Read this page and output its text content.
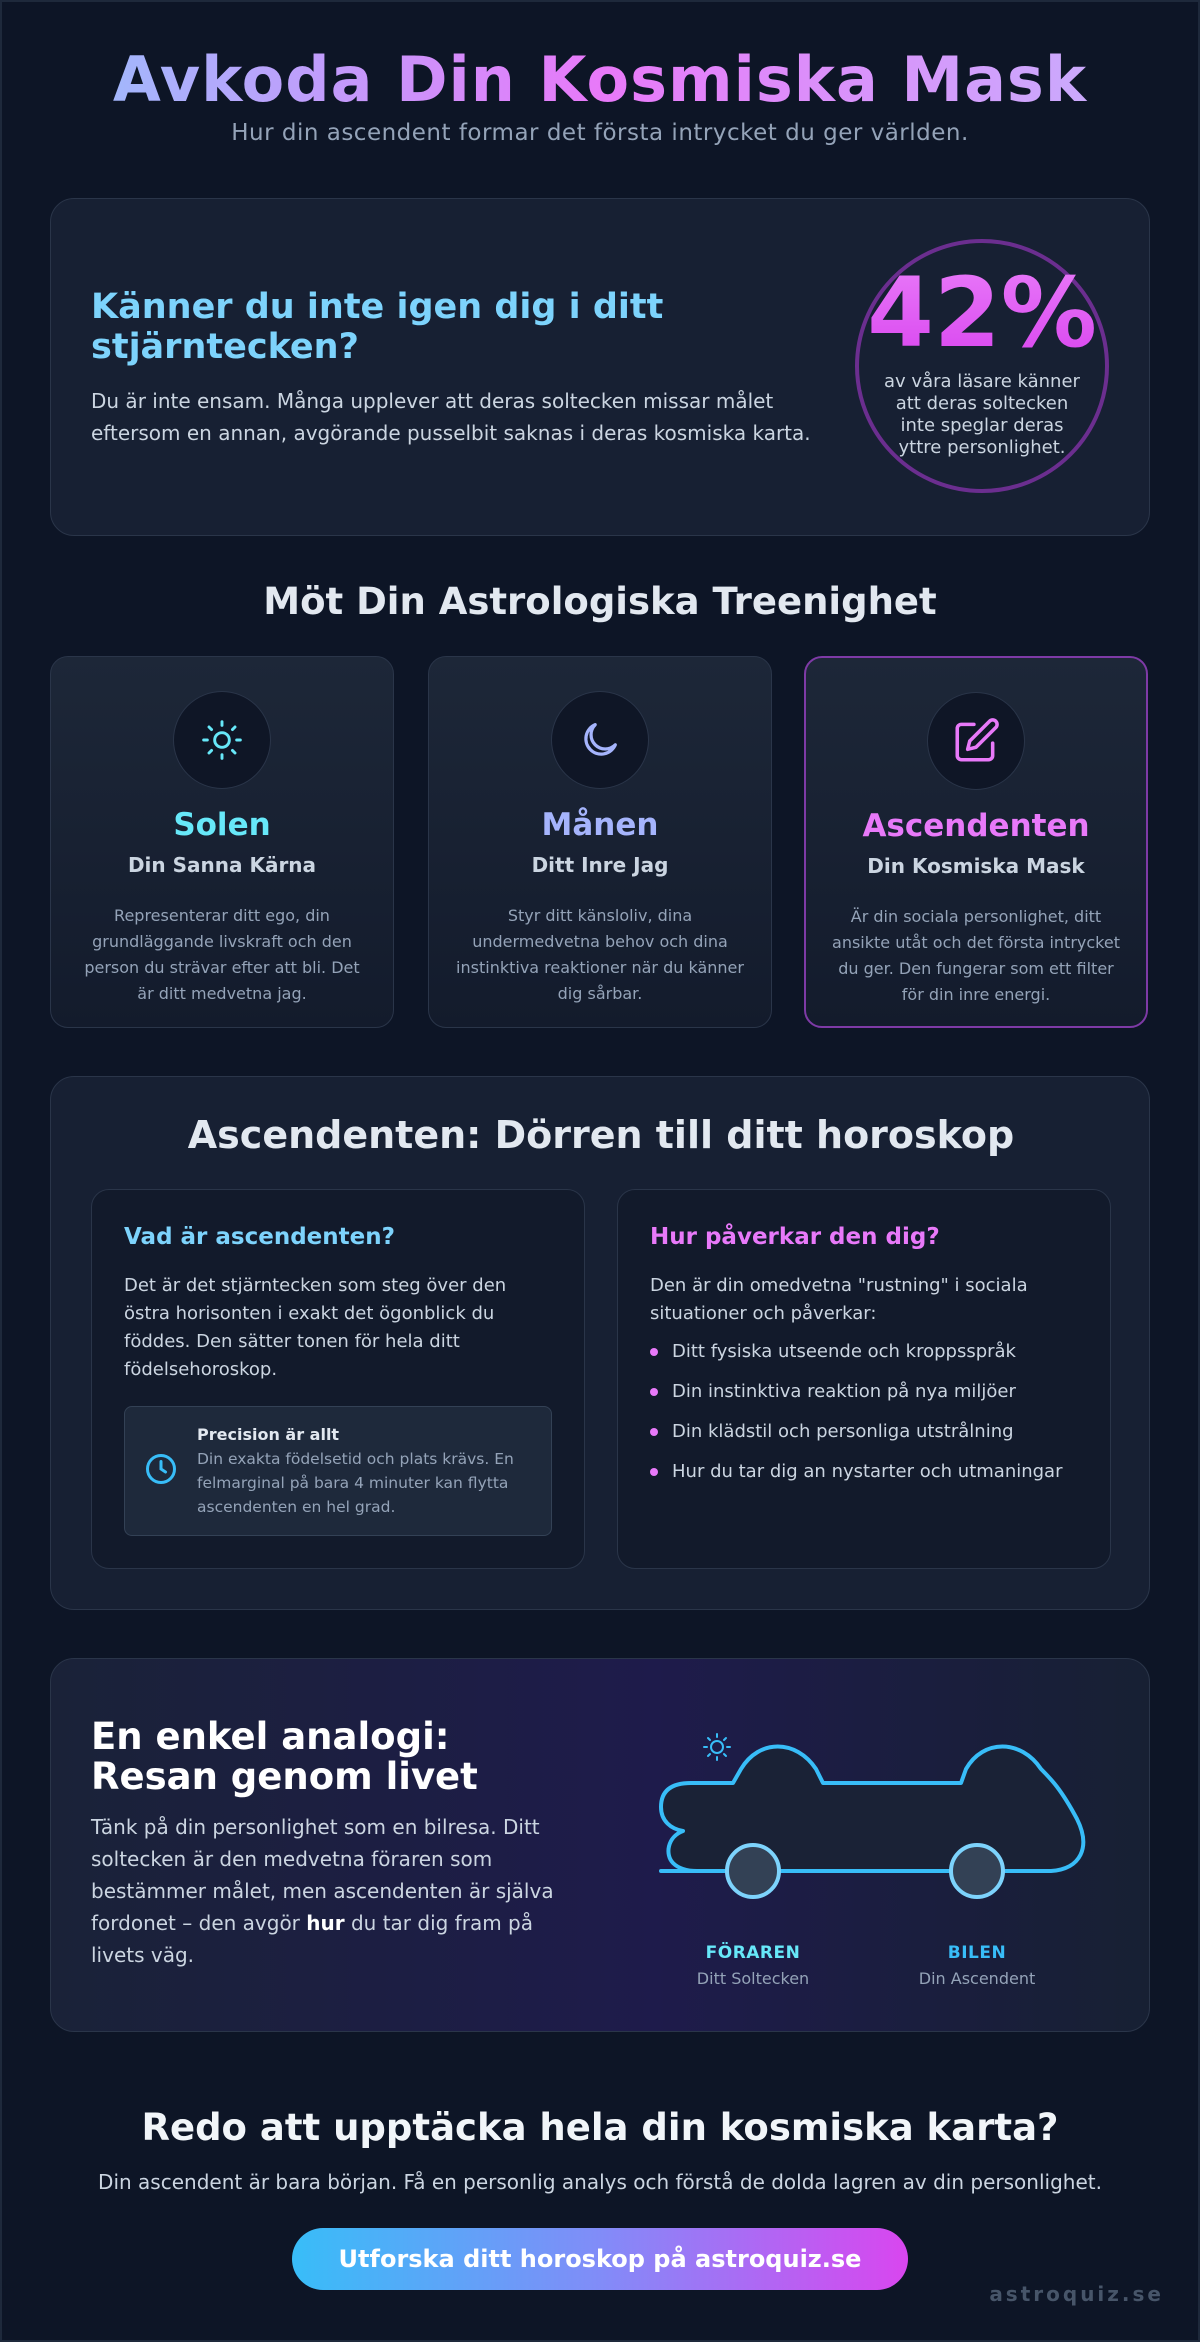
Avkoda Din Kosmiska Mask
Hur din ascendent formar det första intrycket du ger världen.
Känner du inte igen dig i ditt stjärntecken?
Du är inte ensam. Många upplever att deras soltecken missar målet eftersom en annan, avgörande pusselbit saknas i deras kosmiska karta.
42%
av våra läsare känner att deras soltecken inte speglar deras yttre personlighet.
Möt Din Astrologiska Treenighet
Solen
Din Sanna Kärna
Representerar ditt ego, din grundläggande livskraft och den person du strävar efter att bli. Det är ditt medvetna jag.
Månen
Ditt Inre Jag
Styr ditt känsloliv, dina undermedvetna behov och dina instinktiva reaktioner när du känner dig sårbar.
Ascendenten
Din Kosmiska Mask
Är din sociala personlighet, ditt ansikte utåt och det första intrycket du ger. Den fungerar som ett filter för din inre energi.
Ascendenten: Dörren till ditt horoskop
Vad är ascendenten?

Det är det stjärntecken som steg över den östra horisonten i exakt det ögonblick du föddes. Den sätter tonen för hela ditt födelsehoroskop.

Precision är allt
Din exakta födelsetid och plats krävs. En felmarginal på bara 4 minuter kan flytta ascendenten en hel grad.
Hur påverkar den dig?

Den är din omedvetna "rustning" i sociala situationer och påverkar:

Ditt fysiska utseende och kroppsspråk
Din instinktiva reaktion på nya miljöer
Din klädstil och personliga utstrålning
Hur du tar dig an nystarter och utmaningar
En enkel analogi:
Resan genom livet
Tänk på din personlighet som en bilresa. Ditt soltecken är den medvetna föraren som bestämmer målet, men ascendenten är själva fordonet – den avgör hur du tar dig fram på livets väg.	FÖRAREN
Ditt Soltecken
BILEN
Din Ascendent
Redo att upptäcka hela din kosmiska karta?
Din ascendent är bara början. Få en personlig analys och förstå de dolda lagren av din personlighet.
Utforska ditt horoskop på astroquiz.se
astroquiz.se
